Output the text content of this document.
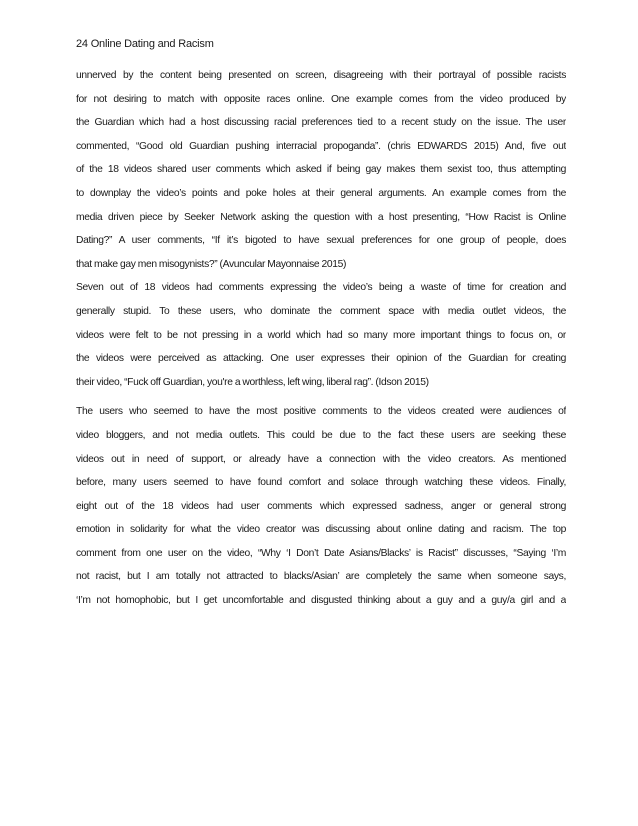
24 Online Dating and Racism
unnerved by the content being presented on screen, disagreeing with their portrayal of possible racists
for not desiring to match with opposite races online. One example comes from the video produced by
the Guardian which had a host discussing racial preferences tied to a recent study on the issue. The user
commented, “Good old Guardian pushing interracial propoganda”. (chris EDWARDS 2015) And, five out
of the 18 videos shared user comments which asked if being gay makes them sexist too, thus attempting
to downplay the video’s points and poke holes at their general arguments. An example comes from the
media driven piece by Seeker Network asking the question with a host presenting, “How Racist is Online
Dating?” A user comments, “If it’s bigoted to have sexual preferences for one group of people, does
that make gay men misogynists?” (Avuncular Mayonnaise 2015)
Seven out of 18 videos had comments expressing the video’s being a waste of time for creation and
generally stupid. To these users, who dominate the comment space with media outlet videos, the
videos were felt to be not pressing in a world which had so many more important things to focus on, or
the videos were perceived as attacking. One user expresses their opinion of the Guardian for creating
their video, “Fuck off Guardian, you're a worthless, left wing, liberal rag”. (Idson 2015)
The users who seemed to have the most positive comments to the videos created were audiences of
video bloggers, and not media outlets. This could be due to the fact these users are seeking these
videos out in need of support, or already have a connection with the video creators. As mentioned
before, many users seemed to have found comfort and solace through watching these videos. Finally,
eight out of the 18 videos had user comments which expressed sadness, anger or general strong
emotion in solidarity for what the video creator was discussing about online dating and racism. The top
comment from one user on the video, “Why ‘I Don’t Date Asians/Blacks’ is Racist” discusses, “Saying ‘I’m
not racist, but I am totally not attracted to blacks/Asian’ are completely the same when someone says,
‘I’m not homophobic, but I get uncomfortable and disgusted thinking about a guy and a guy/a girl and a
